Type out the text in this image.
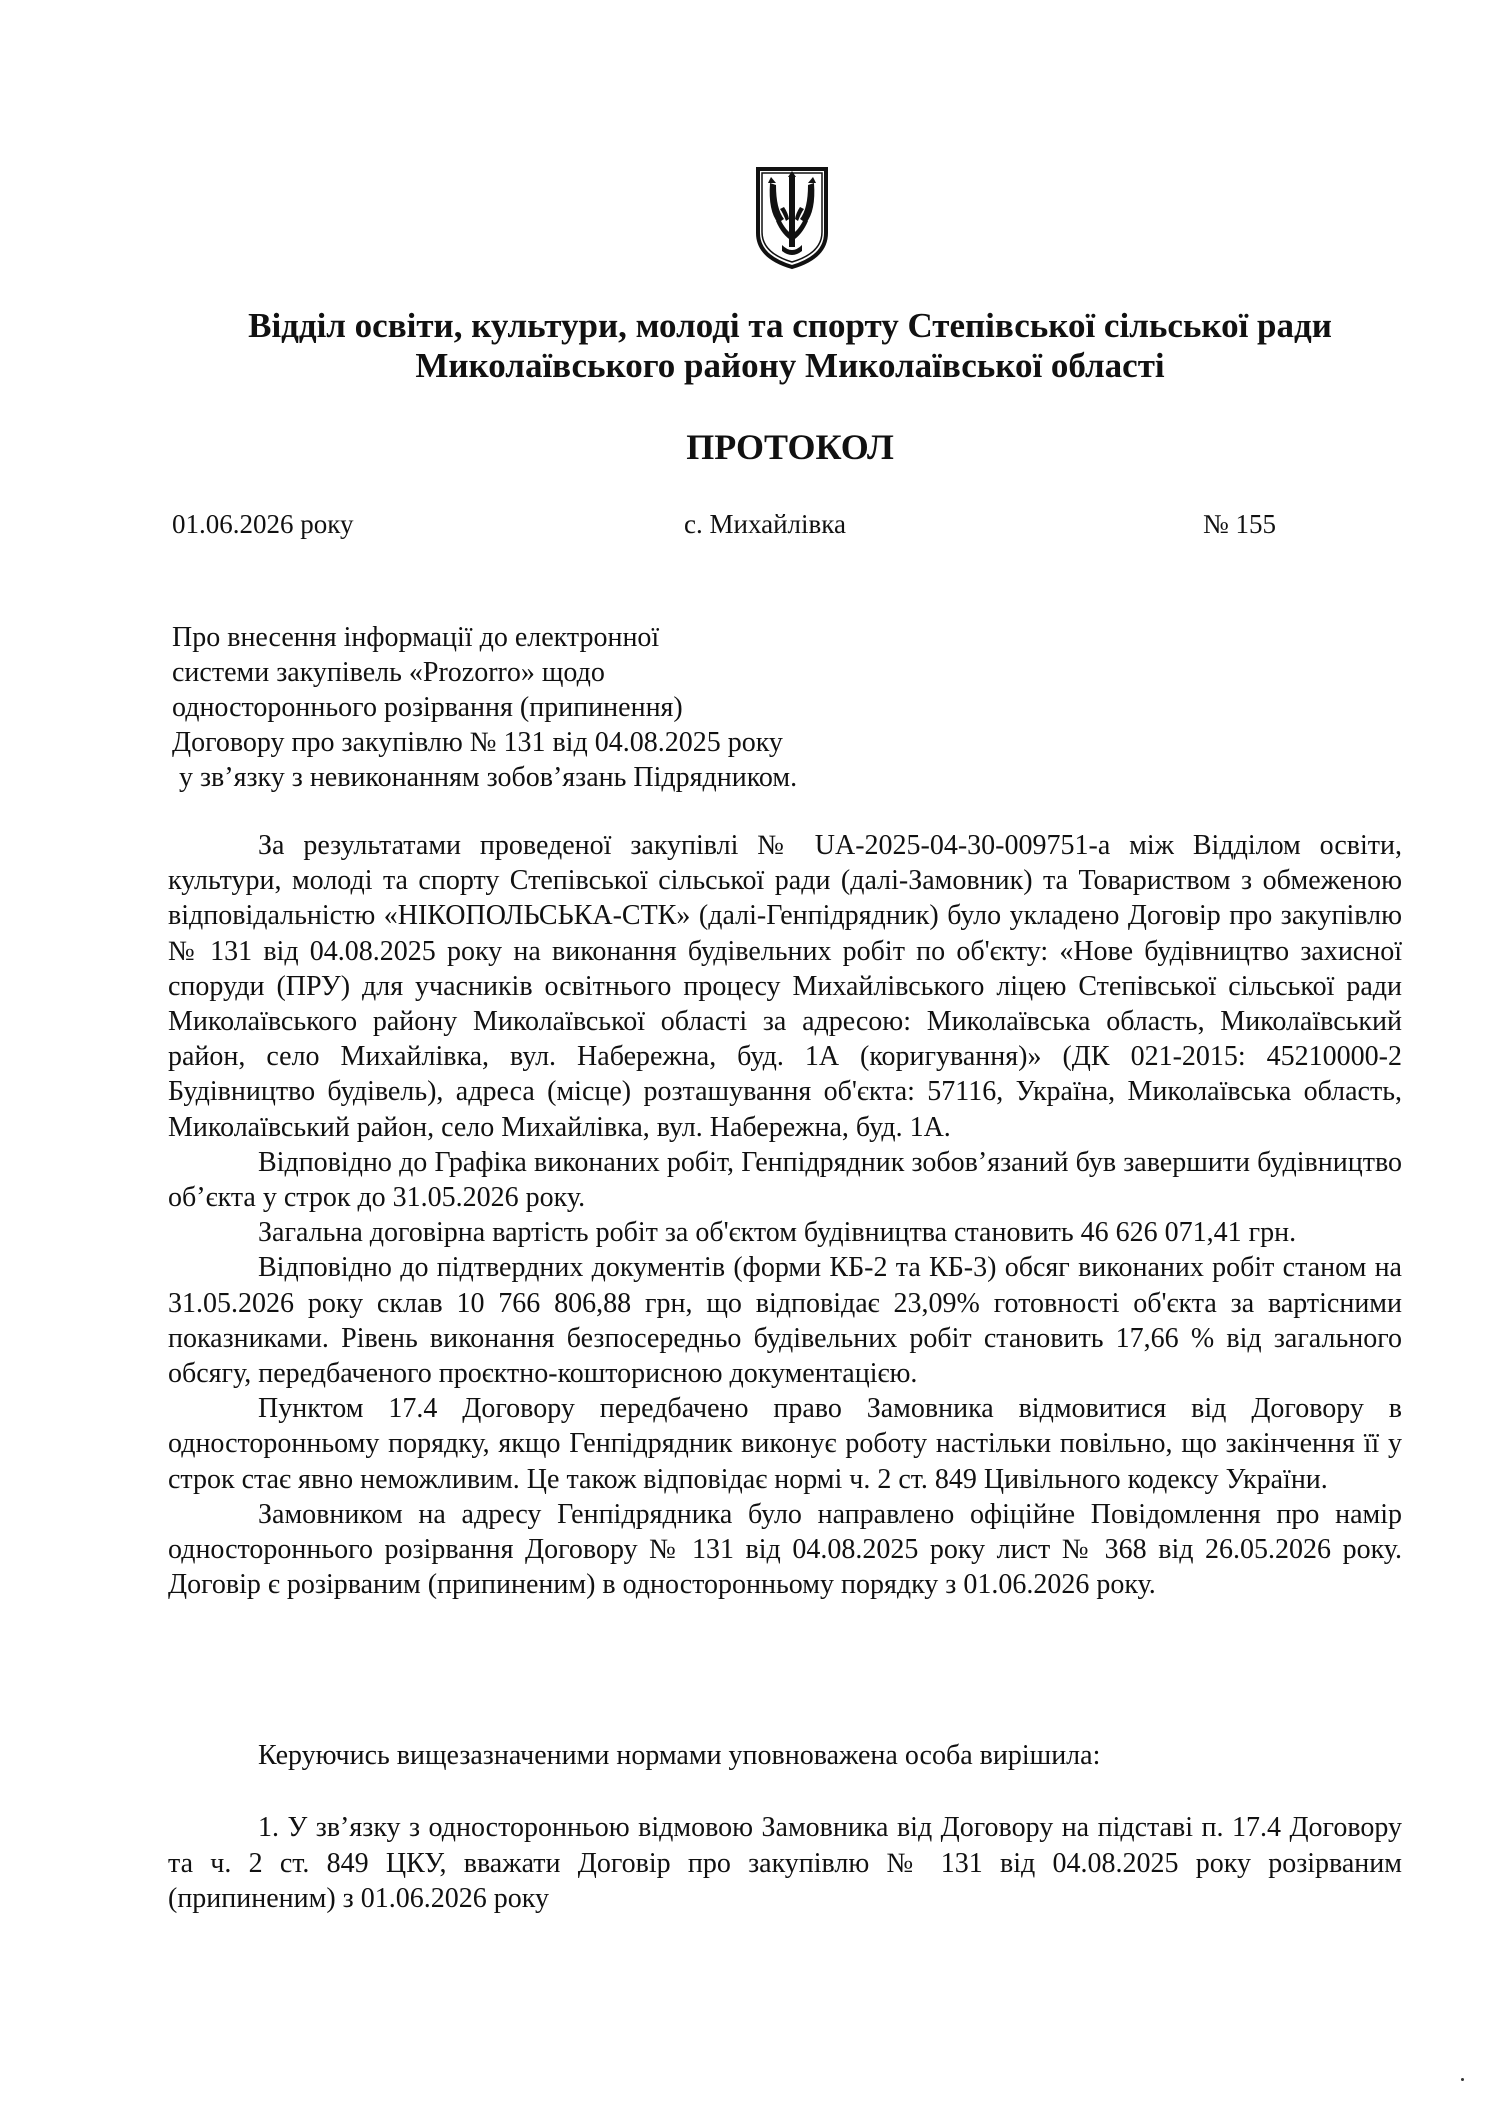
Відділ освіти, культури, молоді та спорту Степівської сільської ради
Миколаївського району Миколаївської області
ПРОТОКОЛ
01.06.2026 року	с. Михайлівка	№ 155
Про внесення інформації до електронної
системи закупівель «Prozorro» щодо
одностороннього розірвання (припинення)
Договору про закупівлю № 131 від 04.08.2025 року
у зв’язку з невиконанням зобов’язань Підрядником.

За результатами проведеної закупівлі № UA-2025-04-30-009751-a між Відділом освіти, культури, молоді та спорту Степівської сільської ради (далі-Замовник) та Товариством з обмеженою відповідальністю «НІКОПОЛЬСЬКА-СТК» (далі-Генпідрядник) було укладено Договір про закупівлю № 131 від 04.08.2025 року на виконання будівельних робіт по об'єкту: «Нове будівництво захисної споруди (ПРУ) для учасників освітнього процесу Михайлівського ліцею Степівської сільської ради Миколаївського району Миколаївської області за адресою: Миколаївська область, Миколаївський район, село Михайлівка, вул. Набережна, буд. 1А (коригування)» (ДК 021-2015: 45210000-2 Будівництво будівель), адреса (місце) розташування об'єкта: 57116, Україна, Миколаївська область, Миколаївський район, село Михайлівка, вул. Набережна, буд. 1А.

Відповідно до Графіка виконаних робіт, Генпідрядник зобов’язаний був завершити будівництво об’єкта у строк до 31.05.2026 року.

Загальна договірна вартість робіт за об'єктом будівництва становить 46 626 071,41 грн.

Відповідно до підтвердних документів (форми КБ-2 та КБ-3) обсяг виконаних робіт станом на 31.05.2026 року склав 10 766 806,88 грн, що відповідає 23,09% готовності об'єкта за вартісними показниками. Рівень виконання безпосередньо будівельних робіт становить 17,66 % від загального обсягу, передбаченого проєктно-кошторисною документацією.

Пунктом 17.4 Договору передбачено право Замовника відмовитися від Договору в односторонньому порядку, якщо Генпідрядник виконує роботу настільки повільно, що закінчення її у строк стає явно неможливим. Це також відповідає нормі ч. 2 ст. 849 Цивільного кодексу України.

Замовником на адресу Генпідрядника було направлено офіційне Повідомлення про намір одностороннього розірвання Договору № 131 від 04.08.2025 року лист № 368 від 26.05.2026 року. Договір є розірваним (припиненим) в односторонньому порядку з 01.06.2026 року.

Керуючись вищезазначеними нормами уповноважена особа вирішила:

1. У зв’язку з односторонньою відмовою Замовника від Договору на підставі п. 17.4 Договору та ч. 2 ст. 849 ЦКУ, вважати Договір про закупівлю № 131 від 04.08.2025 року розірваним (припиненим) з 01.06.2026 року
